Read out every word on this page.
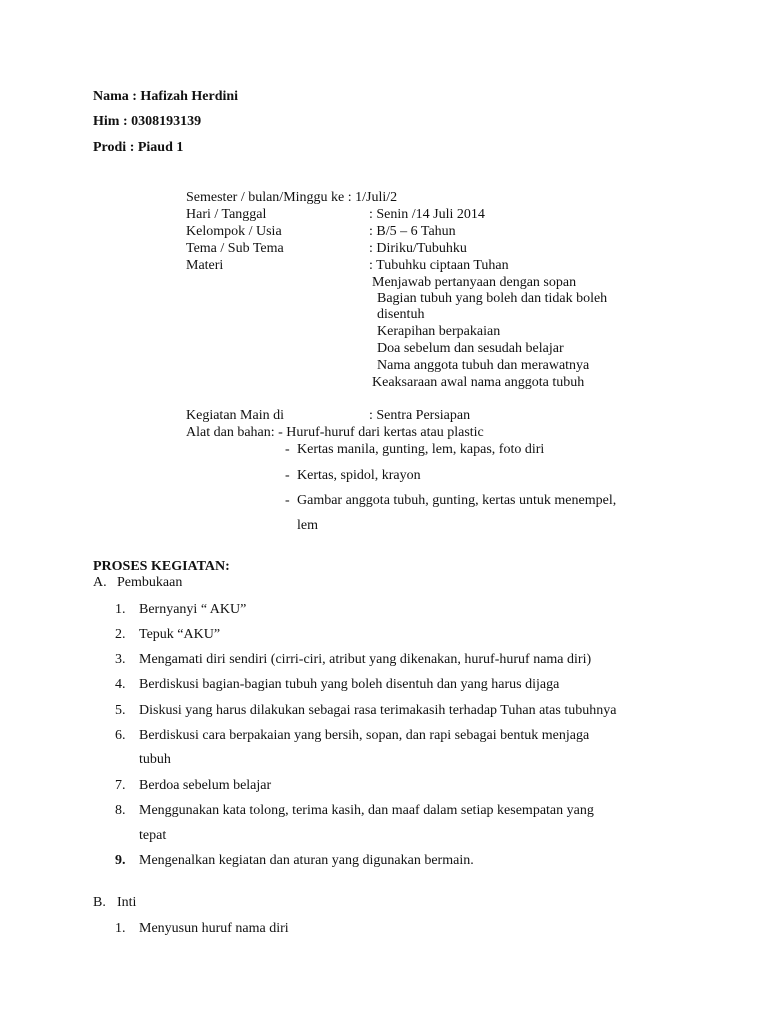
Nama : Hafizah Herdini
Him : 0308193139
Prodi : Piaud 1
Semester / bulan/Minggu ke : 1/Juli/2
Hari / Tanggal	: Senin /14 Juli 2014
Kelompok / Usia	: B/5 – 6 Tahun
Tema / Sub Tema	: Diriku/Tubuhku
Materi	: Tubuhku ciptaan Tuhan
Menjawab pertanyaan dengan sopan
Bagian tubuh yang boleh dan tidak boleh
disentuh
Kerapihan berpakaian
Doa sebelum dan sesudah belajar
Nama anggota tubuh dan merawatnya
Keaksaraan awal nama anggota tubuh
Kegiatan Main di	: Sentra Persiapan
Alat dan bahan: - Huruf-huruf dari kertas atau plastic
- Kertas manila, gunting, lem, kapas, foto diri
- Kertas, spidol, krayon
- Gambar anggota tubuh, gunting, kertas untuk menempel,
lem
PROSES KEGIATAN:
A. Pembukaan
1. Bernyanyi “ AKU”
2. Tepuk “AKU”
3. Mengamati diri sendiri (cirri-ciri, atribut yang dikenakan, huruf-huruf nama diri)
4. Berdiskusi bagian-bagian tubuh yang boleh disentuh dan yang harus dijaga
5. Diskusi yang harus dilakukan sebagai rasa terimakasih terhadap Tuhan atas tubuhnya
6. Berdiskusi cara berpakaian yang bersih, sopan, dan rapi sebagai bentuk menjaga
tubuh
7. Berdoa sebelum belajar
8. Menggunakan kata tolong, terima kasih, dan maaf dalam setiap kesempatan yang
tepat
9. Mengenalkan kegiatan dan aturan yang digunakan bermain.
B. Inti
1. Menyusun huruf nama diri
